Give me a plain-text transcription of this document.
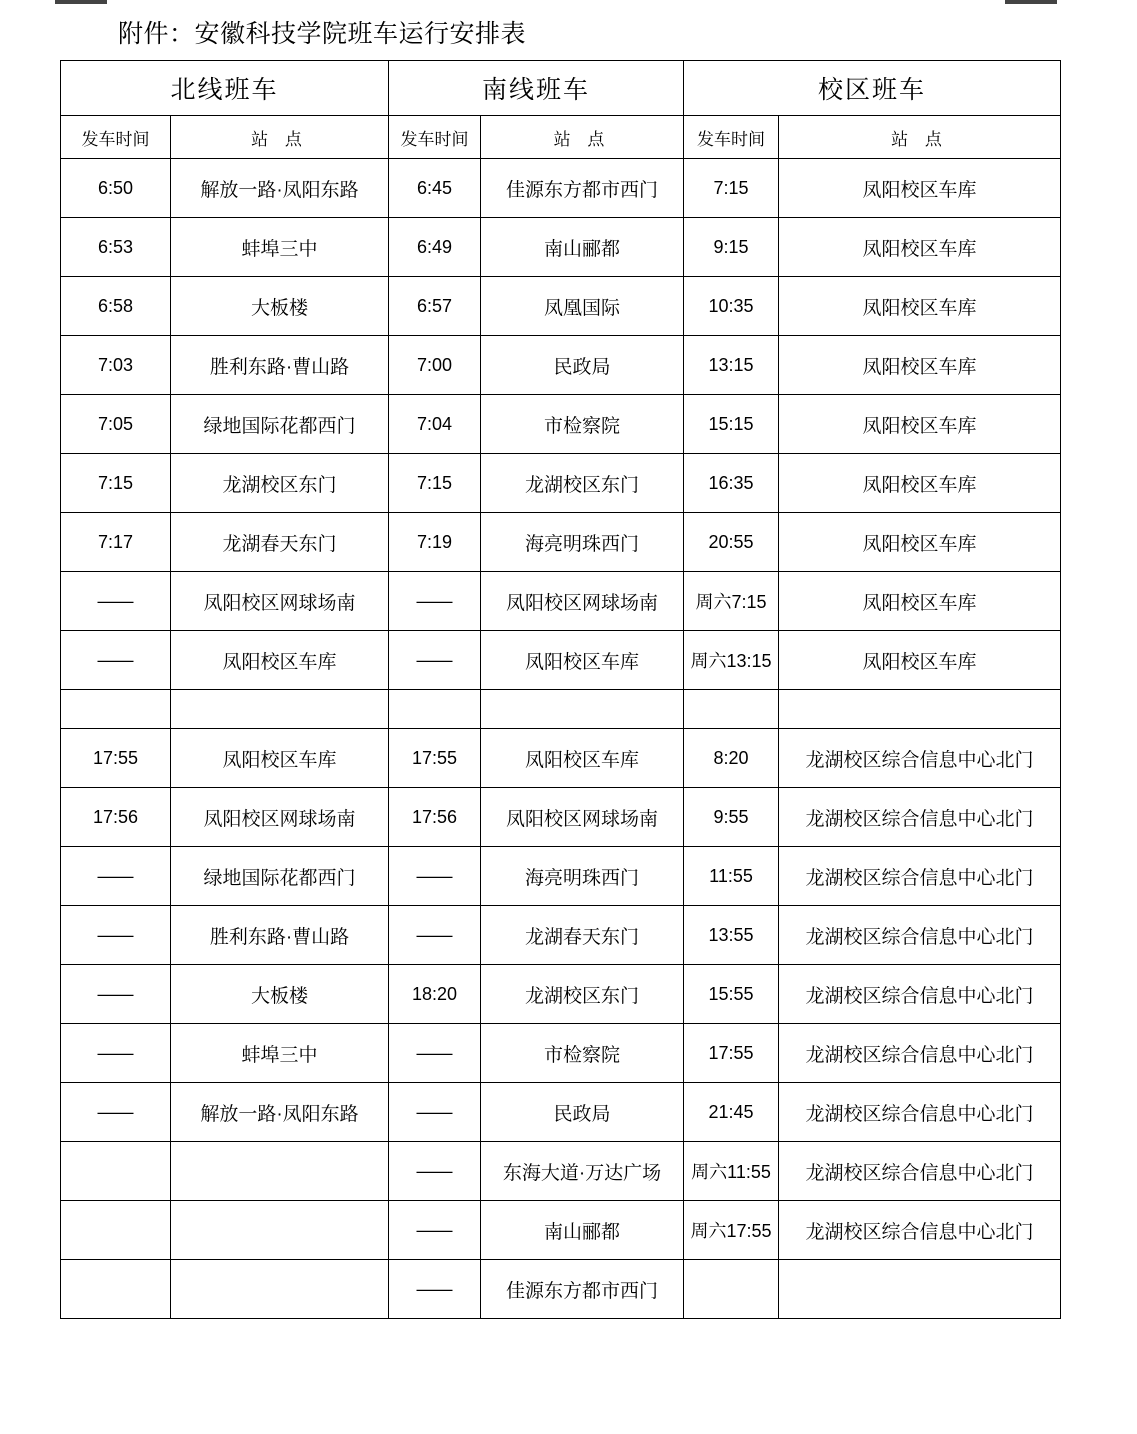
附件：安徽科技学院班车运行安排表
北线班车		南线班车		校区班车	
发车时间	站 点	发车时间	站 点	发车时间	站 点
6:50	解放一路·凤阳东路	6:45	佳源东方都市西门	7:15	凤阳校区车库
6:53	蚌埠三中	6:49	南山郦都	9:15	凤阳校区车库
6:58	大板楼	6:57	凤凰国际	10:35	凤阳校区车库
7:03	胜利东路·曹山路	7:00	民政局	13:15	凤阳校区车库
7:05	绿地国际花都西门	7:04	市检察院	15:15	凤阳校区车库
7:15	龙湖校区东门	7:15	龙湖校区东门	16:35	凤阳校区车库
7:17	龙湖春天东门	7:19	海亮明珠西门	20:55	凤阳校区车库
——	凤阳校区网球场南	——	凤阳校区网球场南	周六7:15	凤阳校区车库
——	凤阳校区车库	——	凤阳校区车库	周六13:15	凤阳校区车库

17:55	凤阳校区车库	17:55	凤阳校区车库	8:20	龙湖校区综合信息中心北门
17:56	凤阳校区网球场南	17:56	凤阳校区网球场南	9:55	龙湖校区综合信息中心北门
——	绿地国际花都西门	——	海亮明珠西门	11:55	龙湖校区综合信息中心北门
——	胜利东路·曹山路	——	龙湖春天东门	13:55	龙湖校区综合信息中心北门
——	大板楼	18:20	龙湖校区东门	15:55	龙湖校区综合信息中心北门
——	蚌埠三中	——	市检察院	17:55	龙湖校区综合信息中心北门
——	解放一路·凤阳东路	——	民政局	21:45	龙湖校区综合信息中心北门
		——	东海大道·万达广场	周六11:55	龙湖校区综合信息中心北门
		——	南山郦都	周六17:55	龙湖校区综合信息中心北门
		——	佳源东方都市西门		
